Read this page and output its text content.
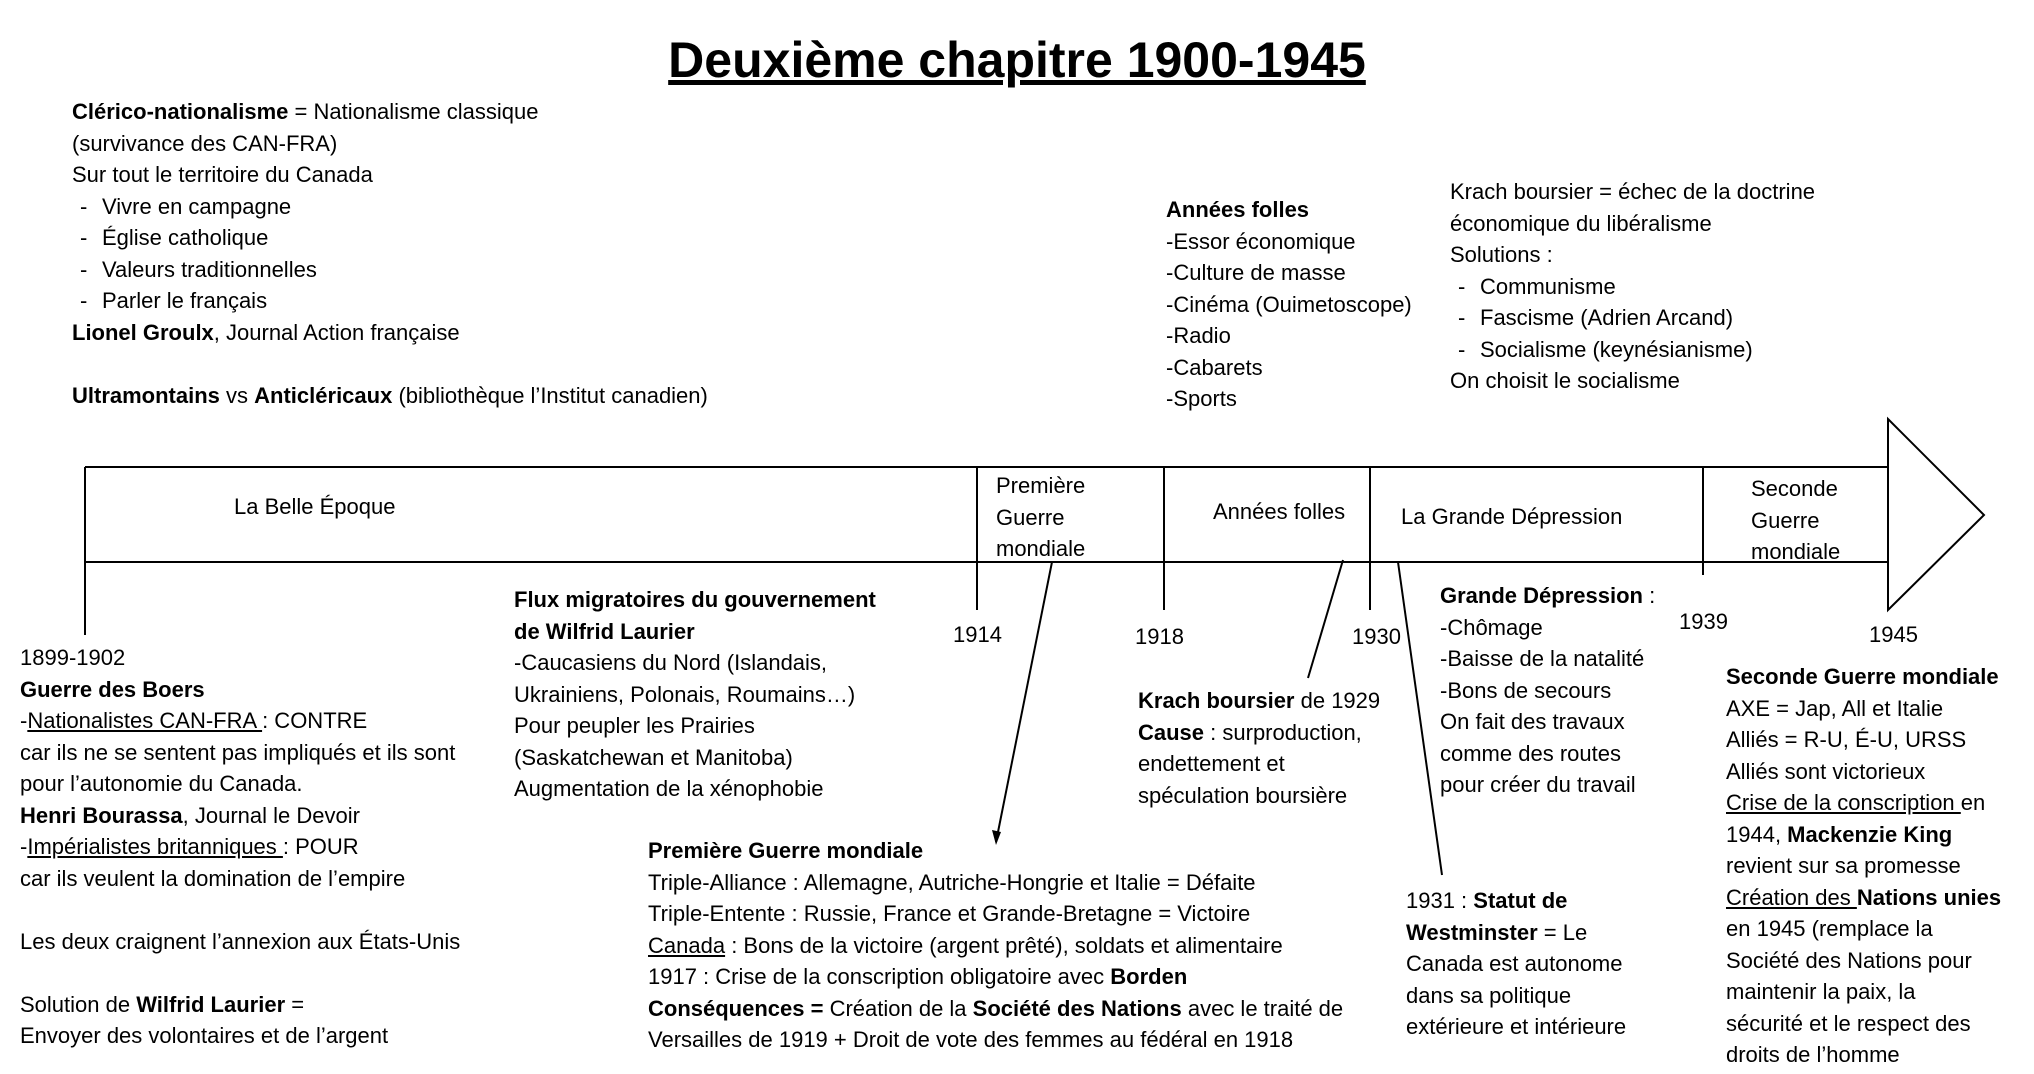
Deuxième chapitre 1900-1945
La Belle Époque
Première
Guerre
mondiale
Années folles	La Grande Dépression
Seconde
Guerre
mondiale
1914	1918	1930
1939
1945
Clérico-nationalisme = Nationalisme classique
(survivance des CAN-FRA)
Sur tout le territoire du Canada
- Vivre en campagne
- Église catholique
- Valeurs traditionnelles
- Parler le français
Lionel Groulx, Journal Action française
Ultramontains vs Anticléricaux (bibliothèque l’Institut canadien)
Années folles
-Essor économique
-Culture de masse
-Cinéma (Ouimetoscope)
-Radio
-Cabarets
-Sports
Krach boursier = échec de la doctrine
économique du libéralisme
Solutions :
- Communisme
- Fascisme (Adrien Arcand)
- Socialisme (keynésianisme)
On choisit le socialisme
1899-1902
Guerre des Boers
-Nationalistes CAN-FRA : CONTRE
car ils ne se sentent pas impliqués et ils sont
pour l’autonomie du Canada.
Henri Bourassa, Journal le Devoir
-Impérialistes britanniques : POUR
car ils veulent la domination de l’empire
Les deux craignent l’annexion aux États-Unis
Solution de Wilfrid Laurier =
Envoyer des volontaires et de l’argent
Flux migratoires du gouvernement
de Wilfrid Laurier
-Caucasiens du Nord (Islandais,
Ukrainiens, Polonais, Roumains…)
Pour peupler les Prairies
(Saskatchewan et Manitoba)
Augmentation de la xénophobie
Première Guerre mondiale
Triple-Alliance : Allemagne, Autriche-Hongrie et Italie = Défaite
Triple-Entente : Russie, France et Grande-Bretagne = Victoire
Canada : Bons de la victoire (argent prêté), soldats et alimentaire
1917 : Crise de la conscription obligatoire avec Borden
Conséquences = Création de la Société des Nations avec le traité de
Versailles de 1919 + Droit de vote des femmes au fédéral en 1918
Krach boursier de 1929
Cause : surproduction,
endettement et
spéculation boursière
Grande Dépression :
-Chômage
-Baisse de la natalité
-Bons de secours
On fait des travaux
comme des routes
pour créer du travail
1931 : Statut de
Westminster = Le
Canada est autonome
dans sa politique
extérieure et intérieure
Seconde Guerre mondiale
AXE = Jap, All et Italie
Alliés = R-U, É-U, URSS
Alliés sont victorieux
Crise de la conscription en
1944, Mackenzie King
revient sur sa promesse
Création des Nations unies
en 1945 (remplace la
Société des Nations pour
maintenir la paix, la
sécurité et le respect des
droits de l’homme
